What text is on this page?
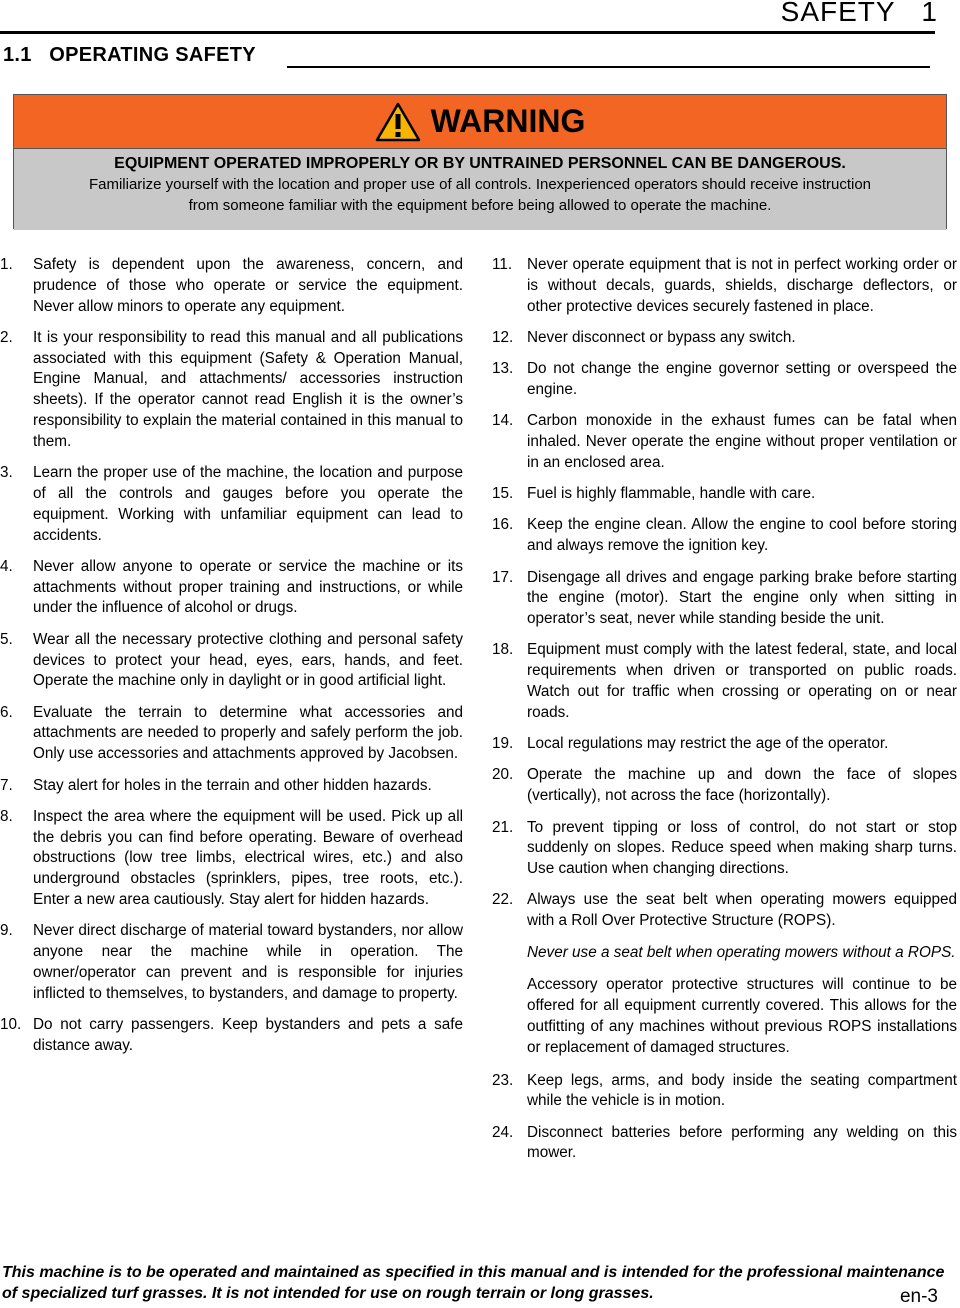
SAFETY   1
1.1   OPERATING SAFETY
WARNING
EQUIPMENT OPERATED IMPROPERLY OR BY UNTRAINED PERSONNEL CAN BE DANGEROUS.
Familiarize yourself with the location and proper use of all controls. Inexperienced operators should receive instruction
from someone familiar with the equipment before being allowed to operate the machine.
1.	Safety is dependent upon the awareness, concern, and prudence of those who operate or service the equipment. Never allow minors to operate any equipment.
2.	It is your responsibility to read this manual and all publications associated with this equipment (Safety & Operation Manual, Engine Manual, and attachments/ accessories instruction sheets). If the operator cannot read English it is the owner’s responsibility to explain the material contained in this manual to them.
3.	Learn the proper use of the machine, the location and purpose of all the controls and gauges before you operate the equipment. Working with unfamiliar equipment can lead to accidents.
4.	Never allow anyone to operate or service the machine or its attachments without proper training and instructions, or while under the influence of alcohol or drugs.
5.	Wear all the necessary protective clothing and personal safety devices to protect your head, eyes, ears, hands, and feet. Operate the machine only in daylight or in good artificial light.
6.	Evaluate the terrain to determine what accessories and attachments are needed to properly and safely perform the job. Only use accessories and attachments approved by Jacobsen.
7.	Stay alert for holes in the terrain and other hidden hazards.
8.	Inspect the area where the equipment will be used. Pick up all the debris you can find before operating. Beware of overhead obstructions (low tree limbs, electrical wires, etc.) and also underground obstacles (sprinklers, pipes, tree roots, etc.). Enter a new area cautiously. Stay alert for hidden hazards.
9.	Never direct discharge of material toward bystanders, nor allow anyone near the machine while in operation. The owner/operator can prevent and is responsible for injuries inflicted to themselves, to bystanders, and damage to property.
10. Do not carry passengers. Keep bystanders and pets a safe distance away.
11. Never operate equipment that is not in perfect working order or is without decals, guards, shields, discharge deflectors, or other protective devices securely fastened in place.
12. Never disconnect or bypass any switch.
13. Do not change the engine governor setting or overspeed the engine.
14. Carbon monoxide in the exhaust fumes can be fatal when inhaled. Never operate the engine without proper ventilation or in an enclosed area.
15. Fuel is highly flammable, handle with care.
16. Keep the engine clean. Allow the engine to cool before storing and always remove the ignition key.
17. Disengage all drives and engage parking brake before starting the engine (motor). Start the engine only when sitting in operator’s seat, never while standing beside the unit.
18. Equipment must comply with the latest federal, state, and local requirements when driven or transported on public roads. Watch out for traffic when crossing or operating on or near roads.
19. Local regulations may restrict the age of the operator.
20. Operate the machine up and down the face of slopes (vertically), not across the face (horizontally).
21. To prevent tipping or loss of control, do not start or stop suddenly on slopes. Reduce speed when making sharp turns. Use caution when changing directions.
22. Always use the seat belt when operating mowers equipped with a Roll Over Protective Structure (ROPS).
Never use a seat belt when operating mowers without a ROPS.
Accessory operator protective structures will continue to be offered for all equipment currently covered. This allows for the outfitting of any machines without previous ROPS installations or replacement of damaged structures.
23. Keep legs, arms, and body inside the seating compartment while the vehicle is in motion.
24. Disconnect batteries before performing any welding on this mower.
This machine is to be operated and maintained as specified in this manual and is intended for the professional maintenance of specialized turf grasses. It is not intended for use on rough terrain or long grasses.	en-3
